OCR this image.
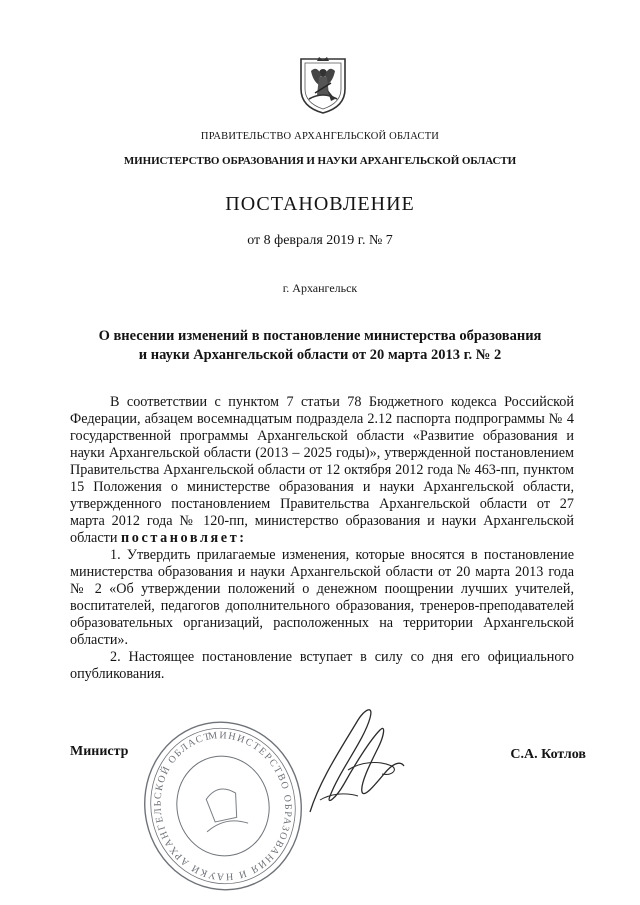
ПРАВИТЕЛЬСТВО АРХАНГЕЛЬСКОЙ ОБЛАСТИ
МИНИСТЕРСТВО ОБРАЗОВАНИЯ И НАУКИ АРХАНГЕЛЬСКОЙ ОБЛАСТИ
ПОСТАНОВЛЕНИЕ
от 8 февраля 2019 г. № 7
г. Архангельск
О внесении изменений в постановление министерства образования
и науки Архангельской области от 20 марта 2013 г. № 2

В соответствии с пунктом 7 статьи 78 Бюджетного кодекса Российской Федерации, абзацем восемнадцатым подраздела 2.12 паспорта подпрограммы № 4 государственной программы Архангельской области «Развитие образования и науки Архангельской области (2013 – 2025 годы)», утвержденной постановлением Правительства Архангельской области от 12 октября 2012 года № 463-пп, пунктом 15 Положения о министерстве образования и науки Архангельской области, утвержденного постановлением Правительства Архангельской области от 27 марта 2012 года № 120-пп, министерство образования и науки Архангельской области постановляет:

1. Утвердить прилагаемые изменения, которые вносятся в постановление министерства образования и науки Архангельской области от 20 марта 2013 года № 2 «Об утверждении положений о денежном поощрении лучших учителей, воспитателей, педагогов дополнительного образования, тренеров-преподавателей образовательных организаций, расположенных на территории Архангельской области».

2. Настоящее постановление вступает в силу со дня его официального опубликования.

Министр	С.А. Котлов
МИНИСТЕРСТВО ОБРАЗОВАНИЯ И НАУКИ АРХАНГЕЛЬСКОЙ ОБЛАСТИ
